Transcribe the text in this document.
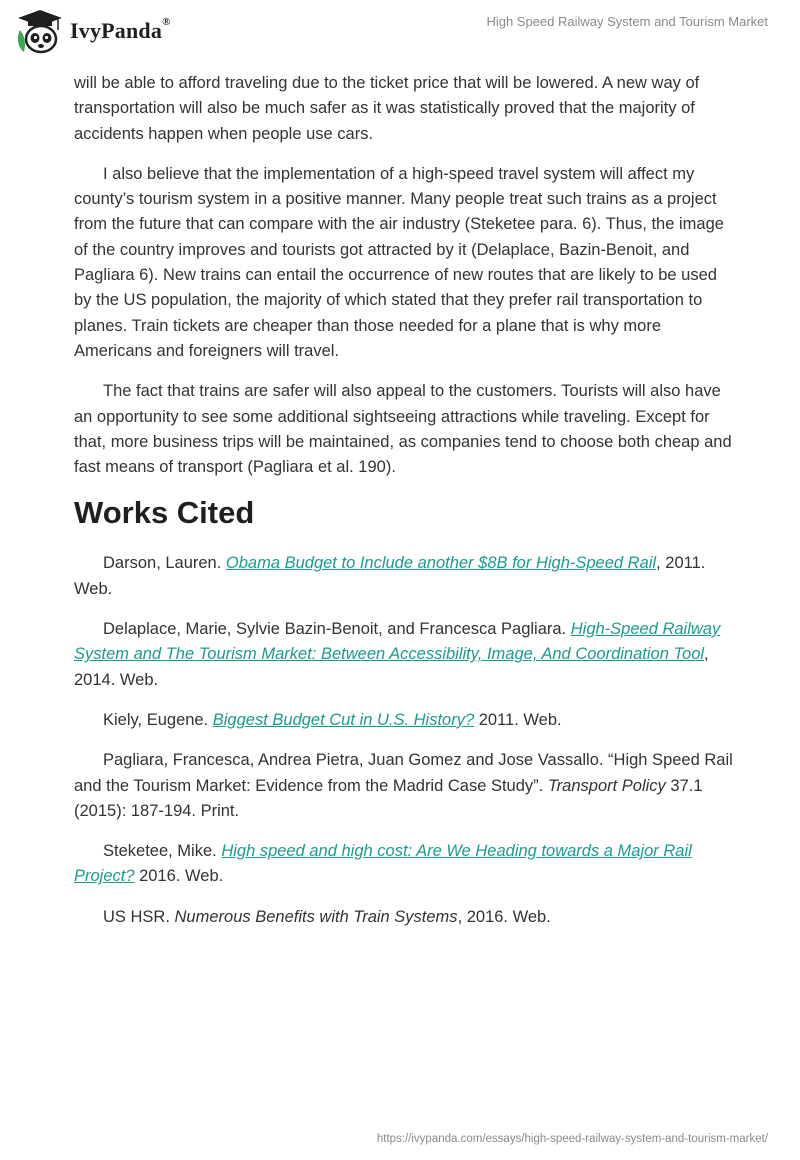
IvyPanda®	High Speed Railway System and Tourism Market

will be able to afford traveling due to the ticket price that will be lowered. A new way of transportation will also be much safer as it was statistically proved that the majority of accidents happen when people use cars.

I also believe that the implementation of a high-speed travel system will affect my county’s tourism system in a positive manner. Many people treat such trains as a project from the future that can compare with the air industry (Steketee para. 6). Thus, the image of the country improves and tourists got attracted by it (Delaplace, Bazin-Benoit, and Pagliara 6). New trains can entail the occurrence of new routes that are likely to be used by the US population, the majority of which stated that they prefer rail transportation to planes. Train tickets are cheaper than those needed for a plane that is why more Americans and foreigners will travel.

The fact that trains are safer will also appeal to the customers. Tourists will also have an opportunity to see some additional sightseeing attractions while traveling. Except for that, more business trips will be maintained, as companies tend to choose both cheap and fast means of transport (Pagliara et al. 190).

Works Cited

Darson, Lauren. Obama Budget to Include another $8B for High-Speed Rail, 2011. Web.

Delaplace, Marie, Sylvie Bazin-Benoit, and Francesca Pagliara. High-Speed Railway System and The Tourism Market: Between Accessibility, Image, And Coordination Tool, 2014. Web.

Kiely, Eugene. Biggest Budget Cut in U.S. History? 2011. Web.

Pagliara, Francesca, Andrea Pietra, Juan Gomez and Jose Vassallo. “High Speed Rail and the Tourism Market: Evidence from the Madrid Case Study”. Transport Policy 37.1 (2015): 187-194. Print.

Steketee, Mike. High speed and high cost: Are We Heading towards a Major Rail Project? 2016. Web.

US HSR. Numerous Benefits with Train Systems, 2016. Web.

https://ivypanda.com/essays/high-speed-railway-system-and-tourism-market/
